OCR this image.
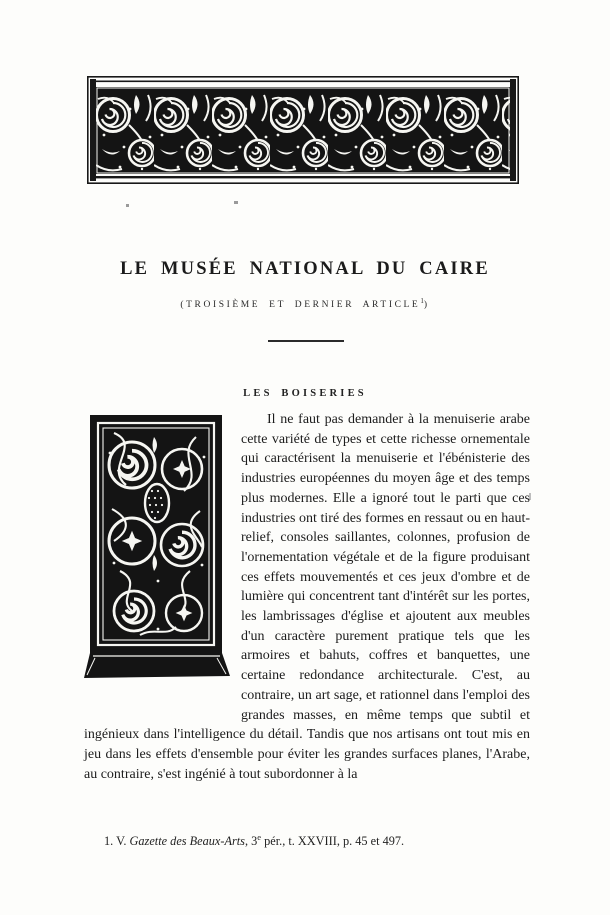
LE MUSÉE NATIONAL DU CAIRE
(TROISIÈME ET DERNIER ARTICLE$^1$)
LES BOISERIES

Il ne faut pas demander à la menuiserie arabe cette variété de types et cette richesse ornementale qui caractérisent la menuiserie et l'ébénisterie des industries européennes du moyen âge et des temps plus modernes. Elle a ignoré tout le parti que ces industries ont tiré des formes en ressaut ou en haut-relief, consoles saillantes, colonnes, profusion de l'ornementation végétale et de la figure produisant ces effets mouvementés et ces jeux d'ombre et de lumière qui concentrent tant d'intérêt sur les portes, les lambrissages d'église et ajoutent aux meubles d'un caractère purement pratique tels que les armoires et bahuts, coffres et banquettes, une certaine redondance architecturale. C'est, au contraire, un art sage, et rationnel dans l'emploi des grandes masses, en même temps que subtil et ingénieux dans l'intelligence du détail. Tandis que nos artisans ont tout mis en jeu dans les effets d'ensemble pour éviter les grandes surfaces planes, l'Arabe, au contraire, s'est ingénié à tout subordonner à la

1. V. Gazette des Beaux-Arts, 3e pér., t. XXVIII, p. 45 et 497.
